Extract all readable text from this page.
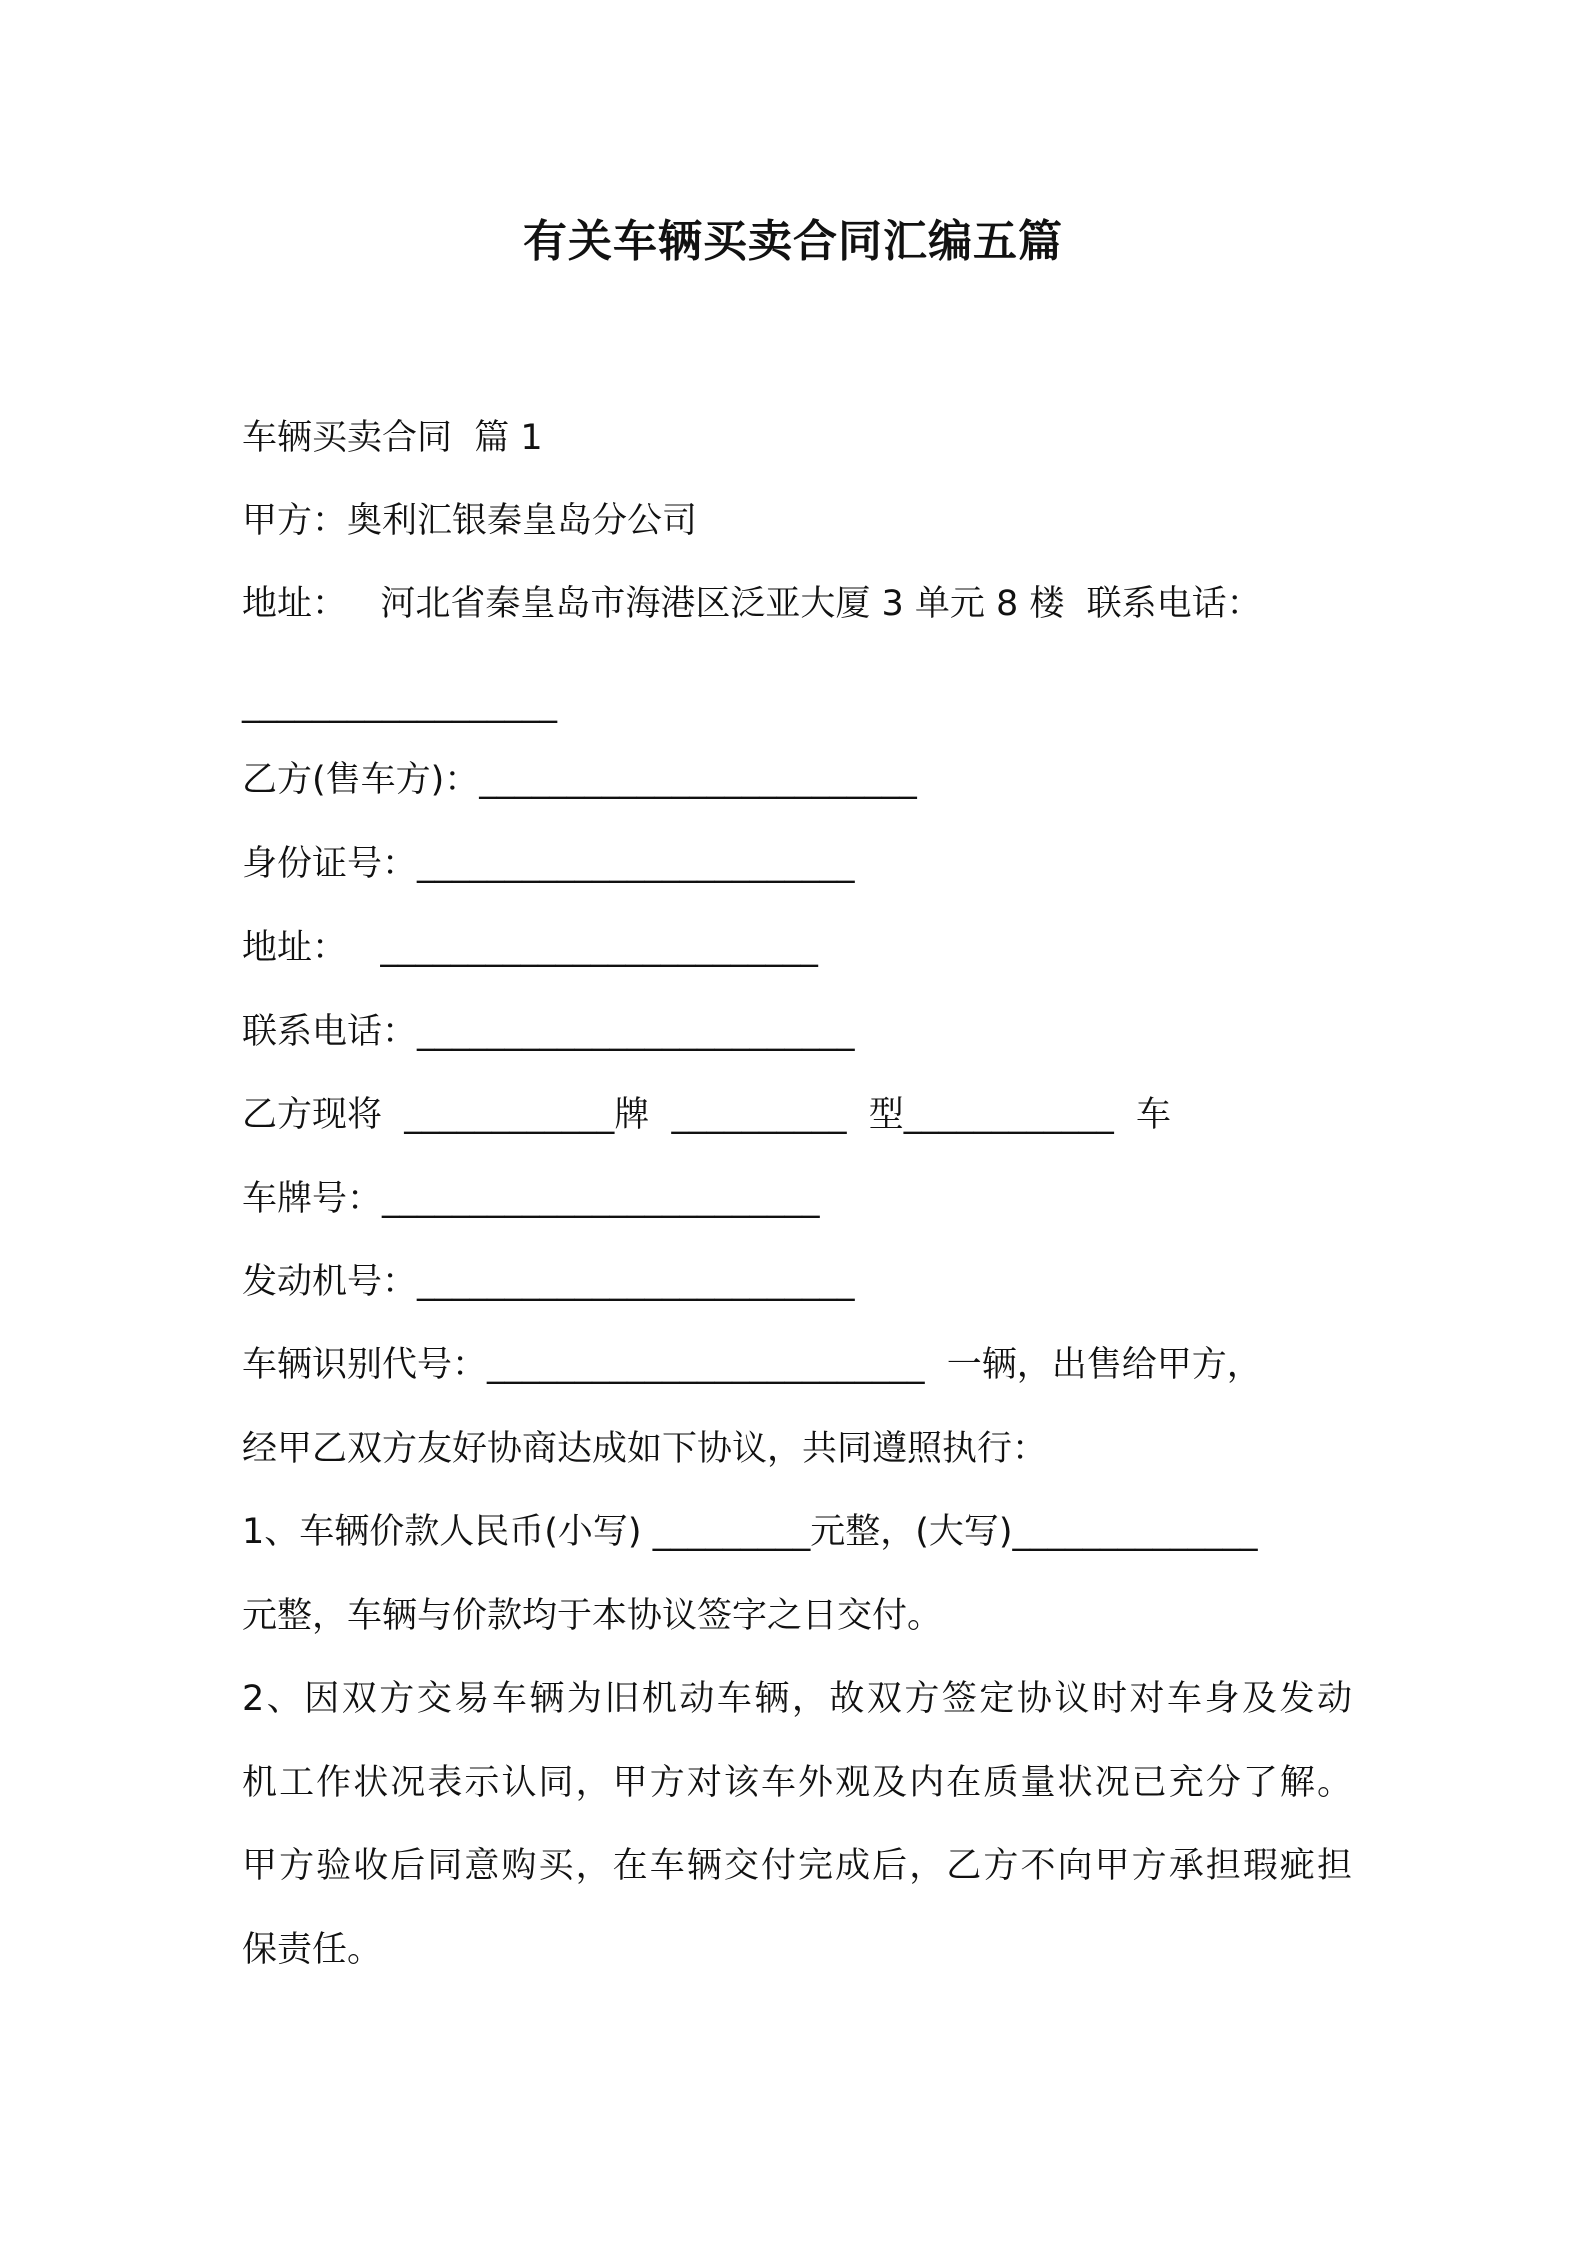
有关车辆买卖合同汇编五篇
车辆买卖合同  篇 1
甲方：奥利汇银秦皇岛分公司
地址：   河北省秦皇岛市海港区泛亚大厦 3 单元 8 楼  联系电话：
__________________
乙方(售车方)：_________________________
身份证号：_________________________
地址：   _________________________
联系电话：_________________________
乙方现将  ____________牌  __________  型____________  车
车牌号：_________________________
发动机号：_________________________
车辆识别代号：_________________________  一辆，出售给甲方，
经甲乙双方友好协商达成如下协议，共同遵照执行：
1、车辆价款人民币(小写) _________元整，(大写)______________
元整，车辆与价款均于本协议签字之日交付。
2、因双方交易车辆为旧机动车辆，故双方签定协议时对车身及发动
机工作状况表示认同，甲方对该车外观及内在质量状况已充分了解。
甲方验收后同意购买，在车辆交付完成后，乙方不向甲方承担瑕疵担
保责任。
